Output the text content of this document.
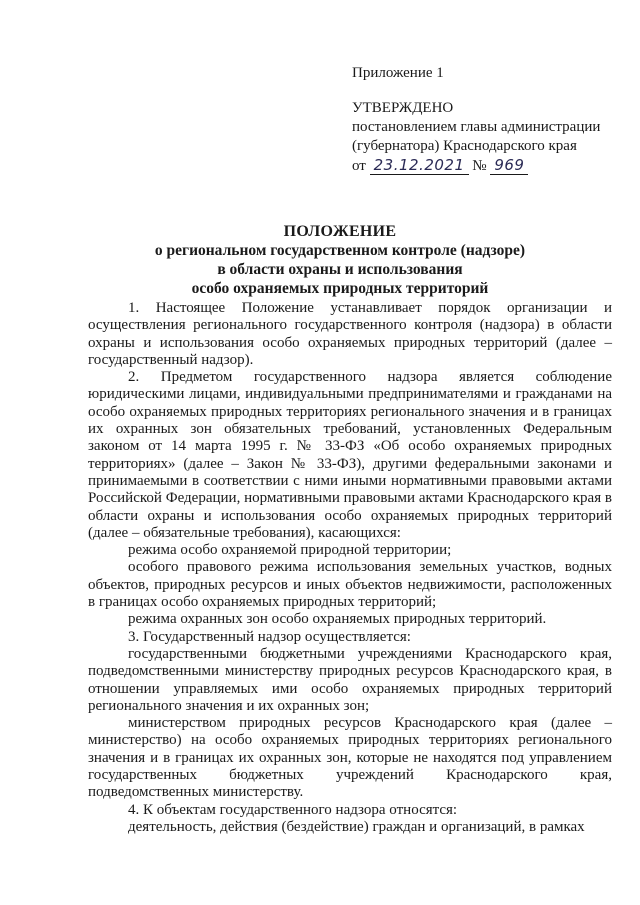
Приложение 1
УТВЕРЖДЕНО
постановлением главы администрации
(губернатора) Краснодарского края
от 23.12.2021 № 969
ПОЛОЖЕНИЕ
о региональном государственном контроле (надзоре)
в области охраны и использования
особо охраняемых природных территорий

1. Настоящее Положение устанавливает порядок организации и осуществления регионального государственного контроля (надзора) в области охраны и использования особо охраняемых природных территорий (далее – государственный надзор).

2. Предметом государственного надзора является соблюдение юридическими лицами, индивидуальными предпринимателями и гражданами на особо охраняемых природных территориях регионального значения и в границах их охранных зон обязательных требований, установленных Федеральным законом от 14 марта 1995 г. № 33-ФЗ «Об особо охраняемых природных территориях» (далее – Закон № 33-ФЗ), другими федеральными законами и принимаемыми в соответствии с ними иными нормативными правовыми актами Российской Федерации, нормативными правовыми актами Краснодарского края в области охраны и использования особо охраняемых природных территорий (далее – обязательные требования), касающихся:

режима особо охраняемой природной территории;

особого правового режима использования земельных участков, водных объектов, природных ресурсов и иных объектов недвижимости, расположенных в границах особо охраняемых природных территорий;

режима охранных зон особо охраняемых природных территорий.

3. Государственный надзор осуществляется:

государственными бюджетными учреждениями Краснодарского края, подведомственными министерству природных ресурсов Краснодарского края, в отношении управляемых ими особо охраняемых природных территорий регионального значения и их охранных зон;

министерством природных ресурсов Краснодарского края (далее – министерство) на особо охраняемых природных территориях регионального значения и в границах их охранных зон, которые не находятся под управлением государственных бюджетных учреждений Краснодарского края, подведомственных министерству.

4. К объектам государственного надзора относятся:

деятельность, действия (бездействие) граждан и организаций, в рамках
